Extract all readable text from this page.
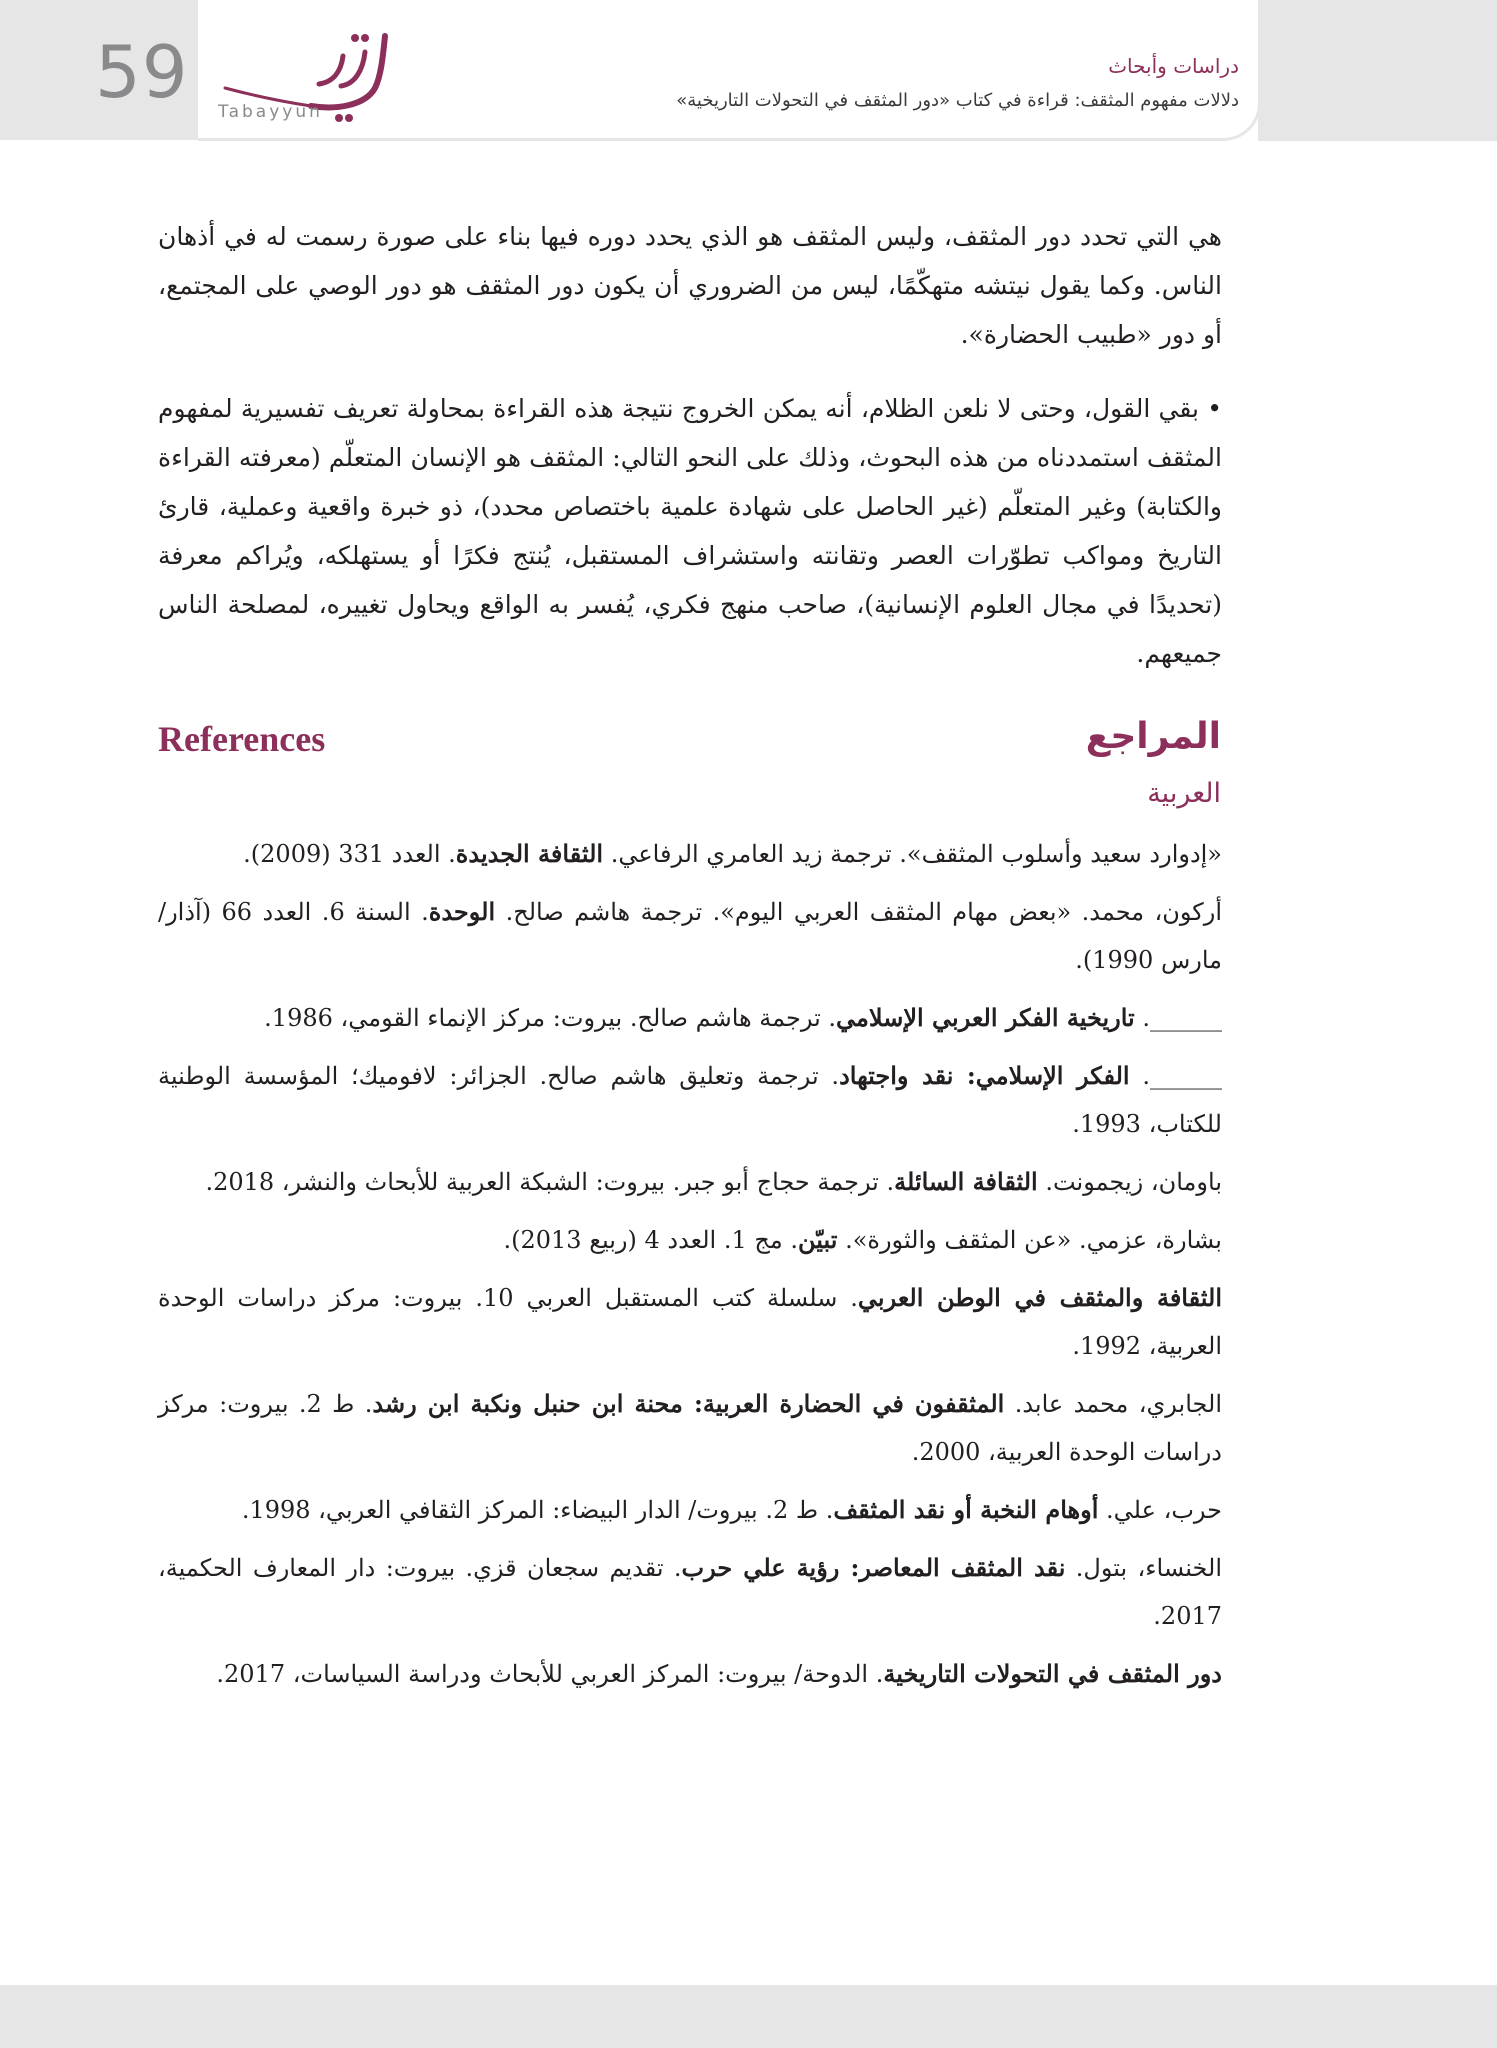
59 Tabayyun
دراسات وأبحاث
دلالات مفهوم المثقف: قراءة في كتاب «دور المثقف في التحولات التاريخية»

هي التي تحدد دور المثقف، وليس المثقف هو الذي يحدد دوره فيها بناء على صورة رسمت له في أذهان الناس. وكما يقول نيتشه متهكّمًا، ليس من الضروري أن يكون دور المثقف هو دور الوصي على المجتمع، أو دور «طبيب الحضارة».

• بقي القول، وحتى لا نلعن الظلام، أنه يمكن الخروج نتيجة هذه القراءة بمحاولة تعريف تفسيرية لمفهوم المثقف استمددناه من هذه البحوث، وذلك على النحو التالي: المثقف هو الإنسان المتعلّم (معرفته القراءة والكتابة) وغير المتعلّم (غير الحاصل على شهادة علمية باختصاص محدد)، ذو خبرة واقعية وعملية، قارئ التاريخ ومواكب تطوّرات العصر وتقانته واستشراف المستقبل، يُنتج فكرًا أو يستهلكه، ويُراكم معرفة (تحديدًا في مجال العلوم الإنسانية)، صاحب منهج فكري، يُفسر به الواقع ويحاول تغييره، لمصلحة الناس جميعهم.

المراجع
References
العربية

«إدوارد سعيد وأسلوب المثقف». ترجمة زيد العامري الرفاعي. الثقافة الجديدة. العدد 331 (2009).

أركون، محمد. «بعض مهام المثقف العربي اليوم». ترجمة هاشم صالح. الوحدة. السنة 6. العدد 66 (آذار/ مارس 1990).

______. تاريخية الفكر العربي الإسلامي. ترجمة هاشم صالح. بيروت: مركز الإنماء القومي، 1986.

______. الفكر الإسلامي: نقد واجتهاد. ترجمة وتعليق هاشم صالح. الجزائر: لافوميك؛ المؤسسة الوطنية للكتاب، 1993.

باومان، زيجمونت. الثقافة السائلة. ترجمة حجاج أبو جبر. بيروت: الشبكة العربية للأبحاث والنشر، 2018.

بشارة، عزمي. «عن المثقف والثورة». تبيّن. مج 1. العدد 4 (ربيع 2013).

الثقافة والمثقف في الوطن العربي. سلسلة كتب المستقبل العربي 10. بيروت: مركز دراسات الوحدة العربية، 1992.

الجابري، محمد عابد. المثقفون في الحضارة العربية: محنة ابن حنبل ونكبة ابن رشد. ط 2. بيروت: مركز دراسات الوحدة العربية، 2000.

حرب، علي. أوهام النخبة أو نقد المثقف. ط 2. بيروت/ الدار البيضاء: المركز الثقافي العربي، 1998.

الخنساء، بتول. نقد المثقف المعاصر: رؤية علي حرب. تقديم سجعان قزي. بيروت: دار المعارف الحكمية، 2017.

دور المثقف في التحولات التاريخية. الدوحة/ بيروت: المركز العربي للأبحاث ودراسة السياسات، 2017.
